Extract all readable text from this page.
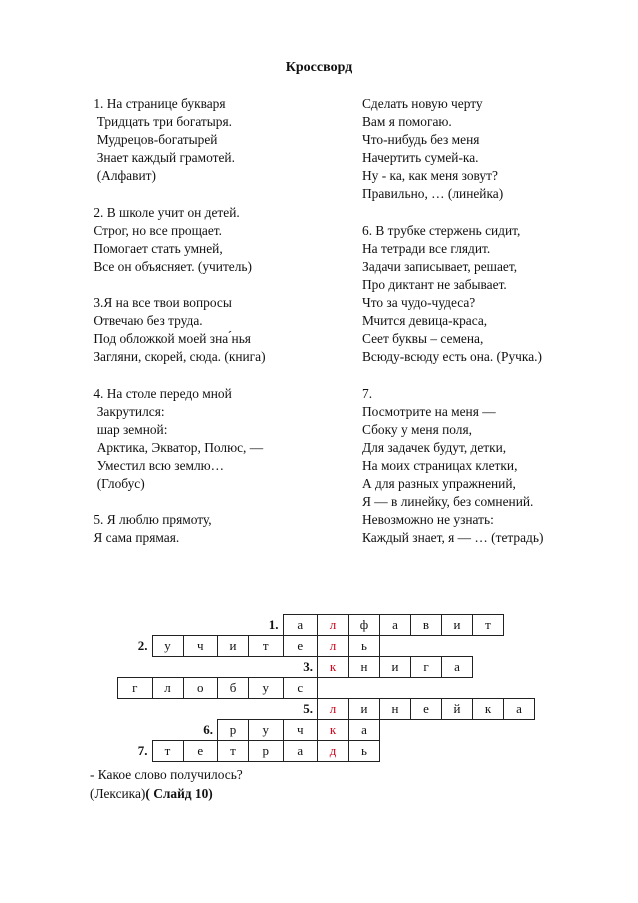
Кроссворд
1. На странице букваря
Тридцать три богатыря.
Мудрецов-богатырей
Знает каждый грамотей.
(Алфавит)
2. В школе учит он детей.
Строг, но все прощает.
Помогает стать умней,
Все он объясняет. (учитель)
3.Я на все твои вопросы
Отвечаю без труда.
Под обложкой моей зна ́нья
Загляни, скорей, сюда. (книга)
4. На столе передо мной
Закрутился:
шар земной:
Арктика, Экватор, Полюс, —
Уместил всю землю…
(Глобус)
5. Я люблю прямоту,
Я сама прямая.
Сделать новую черту
Вам я помогаю.
Что-нибудь без меня
Начертить сумей-ка.
Ну - ка, как меня зовут?
Правильно, … (линейка)
6. В трубке стержень сидит,
На тетради все глядит.
Задачи записывает, решает,
Про диктант не забывает.
Что за чудо-чудеса?
Мчится девица-краса,
Сеет буквы – семена,
Всюду-всюду есть она. (Ручка.)
7.
Посмотрите на меня —
Сбоку у меня поля,
Для задачек будут, детки,
На моих страницах клетки,
А для разных упражнений,
Я — в линейку, без сомнений.
Невозможно не узнать:
Каждый знает, я — … (тетрадь)
				1.	а	л	ф	а	в	и	т	
2.	у	ч	и	т	е	л	ь					
					3.	к	н	и	г	а		
г	л	о	б	у	с							
					5.	л	и	н	е	й	к	а
		6.	р	у	ч	к	а					
7.	т	е	т	р	а	д	ь					
- Какое слово получилось?
(Лексика)( Слайд 10)
